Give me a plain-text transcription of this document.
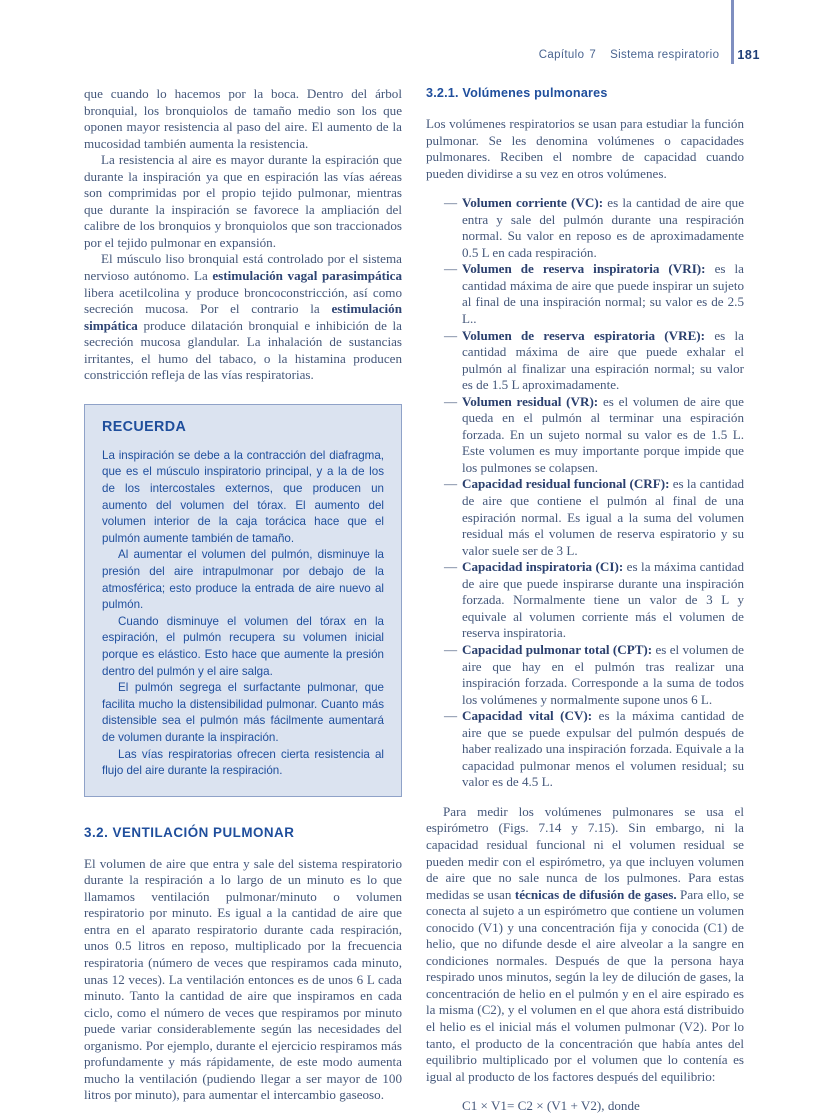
Capítulo 7 Sistema respiratorio 181

que cuando lo hacemos por la boca. Dentro del árbol bronquial, los bronquiolos de tamaño medio son los que oponen mayor resistencia al paso del aire. El aumento de la mucosidad también aumenta la resistencia.

La resistencia al aire es mayor durante la espiración que durante la inspiración ya que en espiración las vías aéreas son comprimidas por el propio tejido pulmonar, mientras que durante la inspiración se favorece la ampliación del calibre de los bronquios y bronquiolos que son traccionados por el tejido pulmonar en expansión.

El músculo liso bronquial está controlado por el sistema nervioso autónomo. La estimulación vagal parasimpática libera acetilcolina y produce broncoconstricción, así como secreción mucosa. Por el contrario la estimulación simpática produce dilatación bronquial e inhibición de la secreción mucosa glandular. La inhalación de sustancias irritantes, el humo del tabaco, o la histamina producen constricción refleja de las vías respiratorias.

RECUERDA

La inspiración se debe a la contracción del diafragma, que es el músculo inspiratorio principal, y a la de los de los intercostales externos, que producen un aumento del volumen del tórax. El aumento del volumen interior de la caja torácica hace que el pulmón aumente también de tamaño.

Al aumentar el volumen del pulmón, disminuye la presión del aire intrapulmonar por debajo de la atmosférica; esto produce la entrada de aire nuevo al pulmón.

Cuando disminuye el volumen del tórax en la espiración, el pulmón recupera su volumen inicial porque es elástico. Esto hace que aumente la presión dentro del pulmón y el aire salga.

El pulmón segrega el surfactante pulmonar, que facilita mucho la distensibilidad pulmonar. Cuanto más distensible sea el pulmón más fácilmente aumentará de volumen durante la inspiración.

Las vías respiratorias ofrecen cierta resistencia al flujo del aire durante la respiración.

3.2. VENTILACIÓN PULMONAR

El volumen de aire que entra y sale del sistema respiratorio durante la respiración a lo largo de un minuto es lo que llamamos ventilación pulmonar/minuto o volumen respiratorio por minuto. Es igual a la cantidad de aire que entra en el aparato respiratorio durante cada respiración, unos 0.5 litros en reposo, multiplicado por la frecuencia respiratoria (número de veces que respiramos cada minuto, unas 12 veces). La ventilación entonces es de unos 6 L cada minuto. Tanto la cantidad de aire que inspiramos en cada ciclo, como el número de veces que respiramos por minuto puede variar considerablemente según las necesidades del organismo. Por ejemplo, durante el ejercicio respiramos más profundamente y más rápidamente, de este modo aumenta mucho la ventilación (pudiendo llegar a ser mayor de 100 litros por minuto), para aumentar el intercambio gaseoso.

3.2.1. Volúmenes pulmonares

Los volúmenes respiratorios se usan para estudiar la función pulmonar. Se les denomina volúmenes o capacidades pulmonares. Reciben el nombre de capacidad cuando pueden dividirse a su vez en otros volúmenes.

— Volumen corriente (VC): es la cantidad de aire que entra y sale del pulmón durante una respiración normal. Su valor en reposo es de aproximadamente 0.5 L en cada respiración.
— Volumen de reserva inspiratoria (VRI): es la cantidad máxima de aire que puede inspirar un sujeto al final de una inspiración normal; su valor es de 2.5 L..
— Volumen de reserva espiratoria (VRE): es la cantidad máxima de aire que puede exhalar el pulmón al finalizar una espiración normal; su valor es de 1.5 L aproximadamente.
— Volumen residual (VR): es el volumen de aire que queda en el pulmón al terminar una espiración forzada. En un sujeto normal su valor es de 1.5 L. Este volumen es muy importante porque impide que los pulmones se colapsen.
— Capacidad residual funcional (CRF): es la cantidad de aire que contiene el pulmón al final de una espiración normal. Es igual a la suma del volumen residual más el volumen de reserva espiratorio y su valor suele ser de 3 L.
— Capacidad inspiratoria (CI): es la máxima cantidad de aire que puede inspirarse durante una inspiración forzada. Normalmente tiene un valor de 3 L y equivale al volumen corriente más el volumen de reserva inspiratoria.
— Capacidad pulmonar total (CPT): es el volumen de aire que hay en el pulmón tras realizar una inspiración forzada. Corresponde a la suma de todos los volúmenes y normalmente supone unos 6 L.
— Capacidad vital (CV): es la máxima cantidad de aire que se puede expulsar del pulmón después de haber realizado una inspiración forzada. Equivale a la capacidad pulmonar menos el volumen residual; su valor es de 4.5 L.

Para medir los volúmenes pulmonares se usa el espirómetro (Figs. 7.14 y 7.15). Sin embargo, ni la capacidad residual funcional ni el volumen residual se pueden medir con el espirómetro, ya que incluyen volumen de aire que no sale nunca de los pulmones. Para estas medidas se usan técnicas de difusión de gases. Para ello, se conecta al sujeto a un espirómetro que contiene un volumen conocido (V1) y una concentración fija y conocida (C1) de helio, que no difunde desde el aire alveolar a la sangre en condiciones normales. Después de que la persona haya respirado unos minutos, según la ley de dilución de gases, la concentración de helio en el pulmón y en el aire espirado es la misma (C2), y el volumen en el que ahora está distribuido el helio es el inicial más el volumen pulmonar (V2). Por lo tanto, el producto de la concentración que había antes del equilibrio multiplicado por el volumen que lo contenía es igual al producto de los factores después del equilibrio:

C1 × V1= C2 × (V1 + V2), donde
